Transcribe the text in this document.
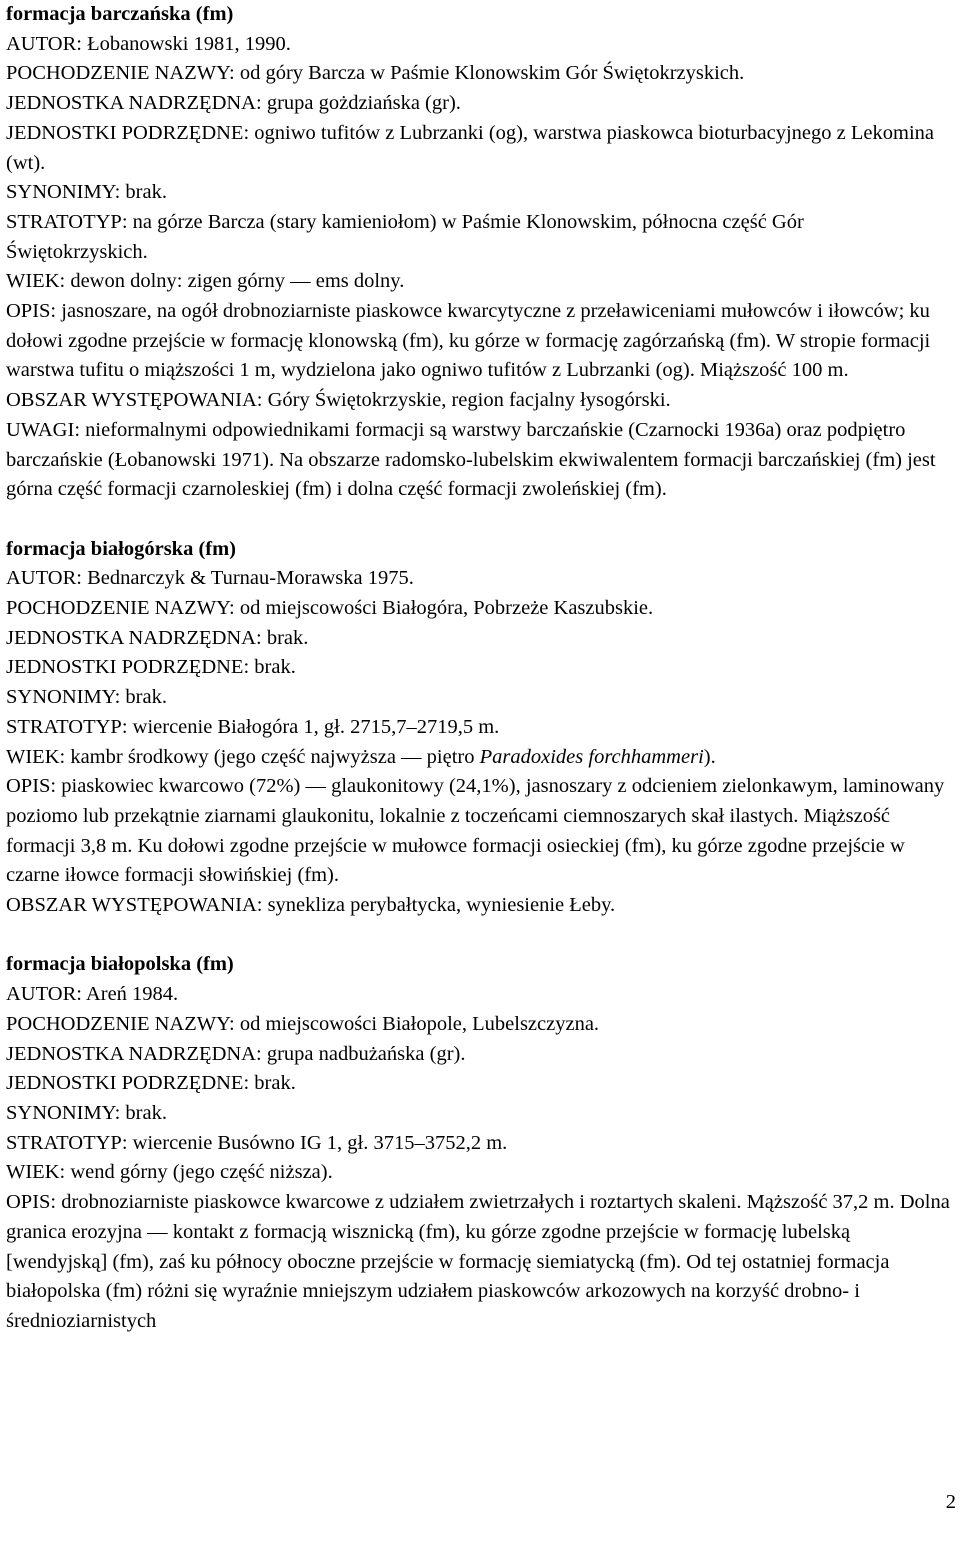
formacja barczańska (fm)
AUTOR: Łobanowski 1981, 1990.
POCHODZENIE NAZWY: od góry Barcza w Paśmie Klonowskim Gór Świętokrzyskich.
JEDNOSTKA NADRZĘDNA: grupa gożdziańska (gr).
JEDNOSTKI PODRZĘDNE: ogniwo tufitów z Lubrzanki (og), warstwa piaskowca bioturbacyjnego z Lekomina (wt).
SYNONIMY: brak.
STRATOTYP: na górze Barcza (stary kamieniołom) w Paśmie Klonowskim, północna część Gór Świętokrzyskich.
WIEK: dewon dolny: zigen górny — ems dolny.
OPIS: jasnoszare, na ogół drobnoziarniste piaskowce kwarcytyczne z przeławiceniami mułowców i iłowców; ku dołowi zgodne przejście w formację klonowską (fm), ku górze w formację zagórzańską (fm). W stropie formacji warstwa tufitu o miąższości 1 m, wydzielona jako ogniwo tufitów z Lubrzanki (og). Miąższość 100 m.
OBSZAR WYSTĘPOWANIA: Góry Świętokrzyskie, region facjalny łysogórski.
UWAGI: nieformalnymi odpowiednikami formacji są warstwy barczańskie (Czarnocki 1936a) oraz podpiętro barczańskie (Łobanowski 1971). Na obszarze radomsko-lubelskim ekwiwalentem formacji barczańskiej (fm) jest górna część formacji czarnoleskiej (fm) i dolna część formacji zwoleńskiej (fm).
formacja białogórska (fm)
AUTOR: Bednarczyk & Turnau-Morawska 1975.
POCHODZENIE NAZWY: od miejscowości Białogóra, Pobrzeże Kaszubskie.
JEDNOSTKA NADRZĘDNA: brak.
JEDNOSTKI PODRZĘDNE: brak.
SYNONIMY: brak.
STRATOTYP: wiercenie Białogóra 1, gł. 2715,7–2719,5 m.
WIEK: kambr środkowy (jego część najwyższa — piętro Paradoxides forchhammeri).
OPIS: piaskowiec kwarcowo (72%) — glaukonitowy (24,1%), jasnoszary z odcieniem zielonkawym, laminowany poziomo lub przekątnie ziarnami glaukonitu, lokalnie z toczeńcami ciemnoszarych skał ilastych. Miąższość formacji 3,8 m. Ku dołowi zgodne przejście w mułowce formacji osieckiej (fm), ku górze zgodne przejście w czarne iłowce formacji słowińskiej (fm).
OBSZAR WYSTĘPOWANIA: synekliza perybałtycka, wyniesienie Łeby.
formacja białopolska (fm)
AUTOR: Areń 1984.
POCHODZENIE NAZWY: od miejscowości Białopole, Lubelszczyzna.
JEDNOSTKA NADRZĘDNA: grupa nadbużańska (gr).
JEDNOSTKI PODRZĘDNE: brak.
SYNONIMY: brak.
STRATOTYP: wiercenie Busówno IG 1, gł. 3715–3752,2 m.
WIEK: wend górny (jego część niższa).
OPIS: drobnoziarniste piaskowce kwarcowe z udziałem zwietrzałych i roztartych skaleni. Mąższość 37,2 m. Dolna granica erozyjna — kontakt z formacją wisznicką (fm), ku górze zgodne przejście w formację lubelską [wendyjską] (fm), zaś ku północy oboczne przejście w formację siemiatycką (fm). Od tej ostatniej formacja białopolska (fm) różni się wyraźnie mniejszym udziałem piaskowców arkozowych na korzyść drobno- i średnioziarnistych
2
